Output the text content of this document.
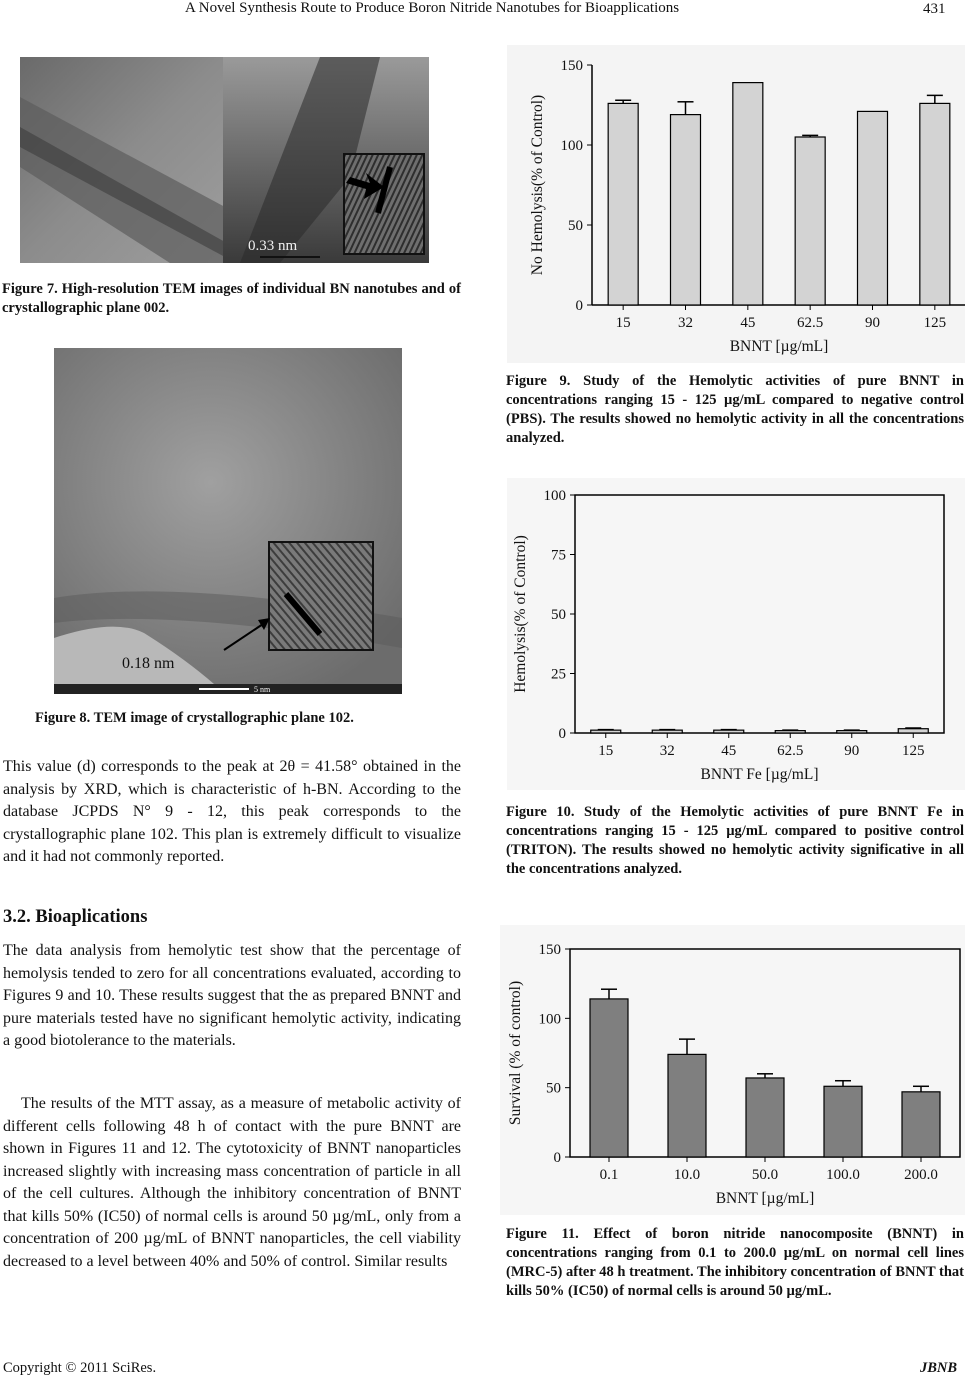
A Novel Synthesis Route to Produce Boron Nitride Nanotubes for Bioapplications	431
0.33 nm
Figure 7. High-resolution TEM images of individual BN nanotubes and of crystallographic plane 002.
0.18 nm
5 nm
Figure 8. TEM image of crystallographic plane 102.

This value (d) corresponds to the peak at 2θ = 41.58° obtained in the analysis by XRD, which is characteristic of h-BN. According to the database JCPDS N° 9 - 12, this peak corresponds to the crystallographic plane 102. This plan is extremely difficult to visualize and it had not commonly reported.

3.2. Bioaplications

The data analysis from hemolytic test show that the percentage of hemolysis tended to zero for all concentrations evaluated, according to Figures 9 and 10. These results suggest that the as prepared BNNT and pure materials tested have no significant hemolytic activity, indicating a good biotolerance to the materials.

The results of the MTT assay, as a measure of metabolic activity of different cells following 48 h of contact with the pure BNNT are shown in Figures 11 and 12. The cytotoxicity of BNNT nanoparticles increased slightly with increasing mass concentration of particle in all of the cell cultures. Although the inhibitory concentration of BNNT that kills 50% (IC50) of normal cells is around 50 µg/mL, only from a concentration of 200 µg/mL of BNNT nanoparticles, the cell viability decreased to a level between 40% and 50% of control. Similar results

0
50
100
150
15	32	45	62.5	90	125
BNNT [µg/mL]
No Hemolysis(% of Control)
Figure 9. Study of the Hemolytic activities of pure BNNT in concentrations ranging 15 - 125 µg/mL compared to negative control (PBS). The results showed no hemolytic activity in all the concentrations analyzed.
0
25
50
75
100
15	32	45	62.5	90	125
BNNT Fe [µg/mL]
Hemolysis(% of Control)
Figure 10. Study of the Hemolytic activities of pure BNNT Fe in concentrations ranging 15 - 125 µg/mL compared to positive control (TRITON). The results showed no hemolytic activity significative in all the concentrations analyzed.
0
50
100
150
0.1	10.0	50.0	100.0	200.0
BNNT [µg/mL]
Survival (% of control)
Figure 11. Effect of boron nitride nanocomposite (BNNT) in concentrations ranging from 0.1 to 200.0 µg/mL on normal cell lines (MRC-5) after 48 h treatment. The inhibitory concentration of BNNT that kills 50% (IC50) of normal cells is around 50 µg/mL.
Copyright © 2011 SciRes.	JBNB
